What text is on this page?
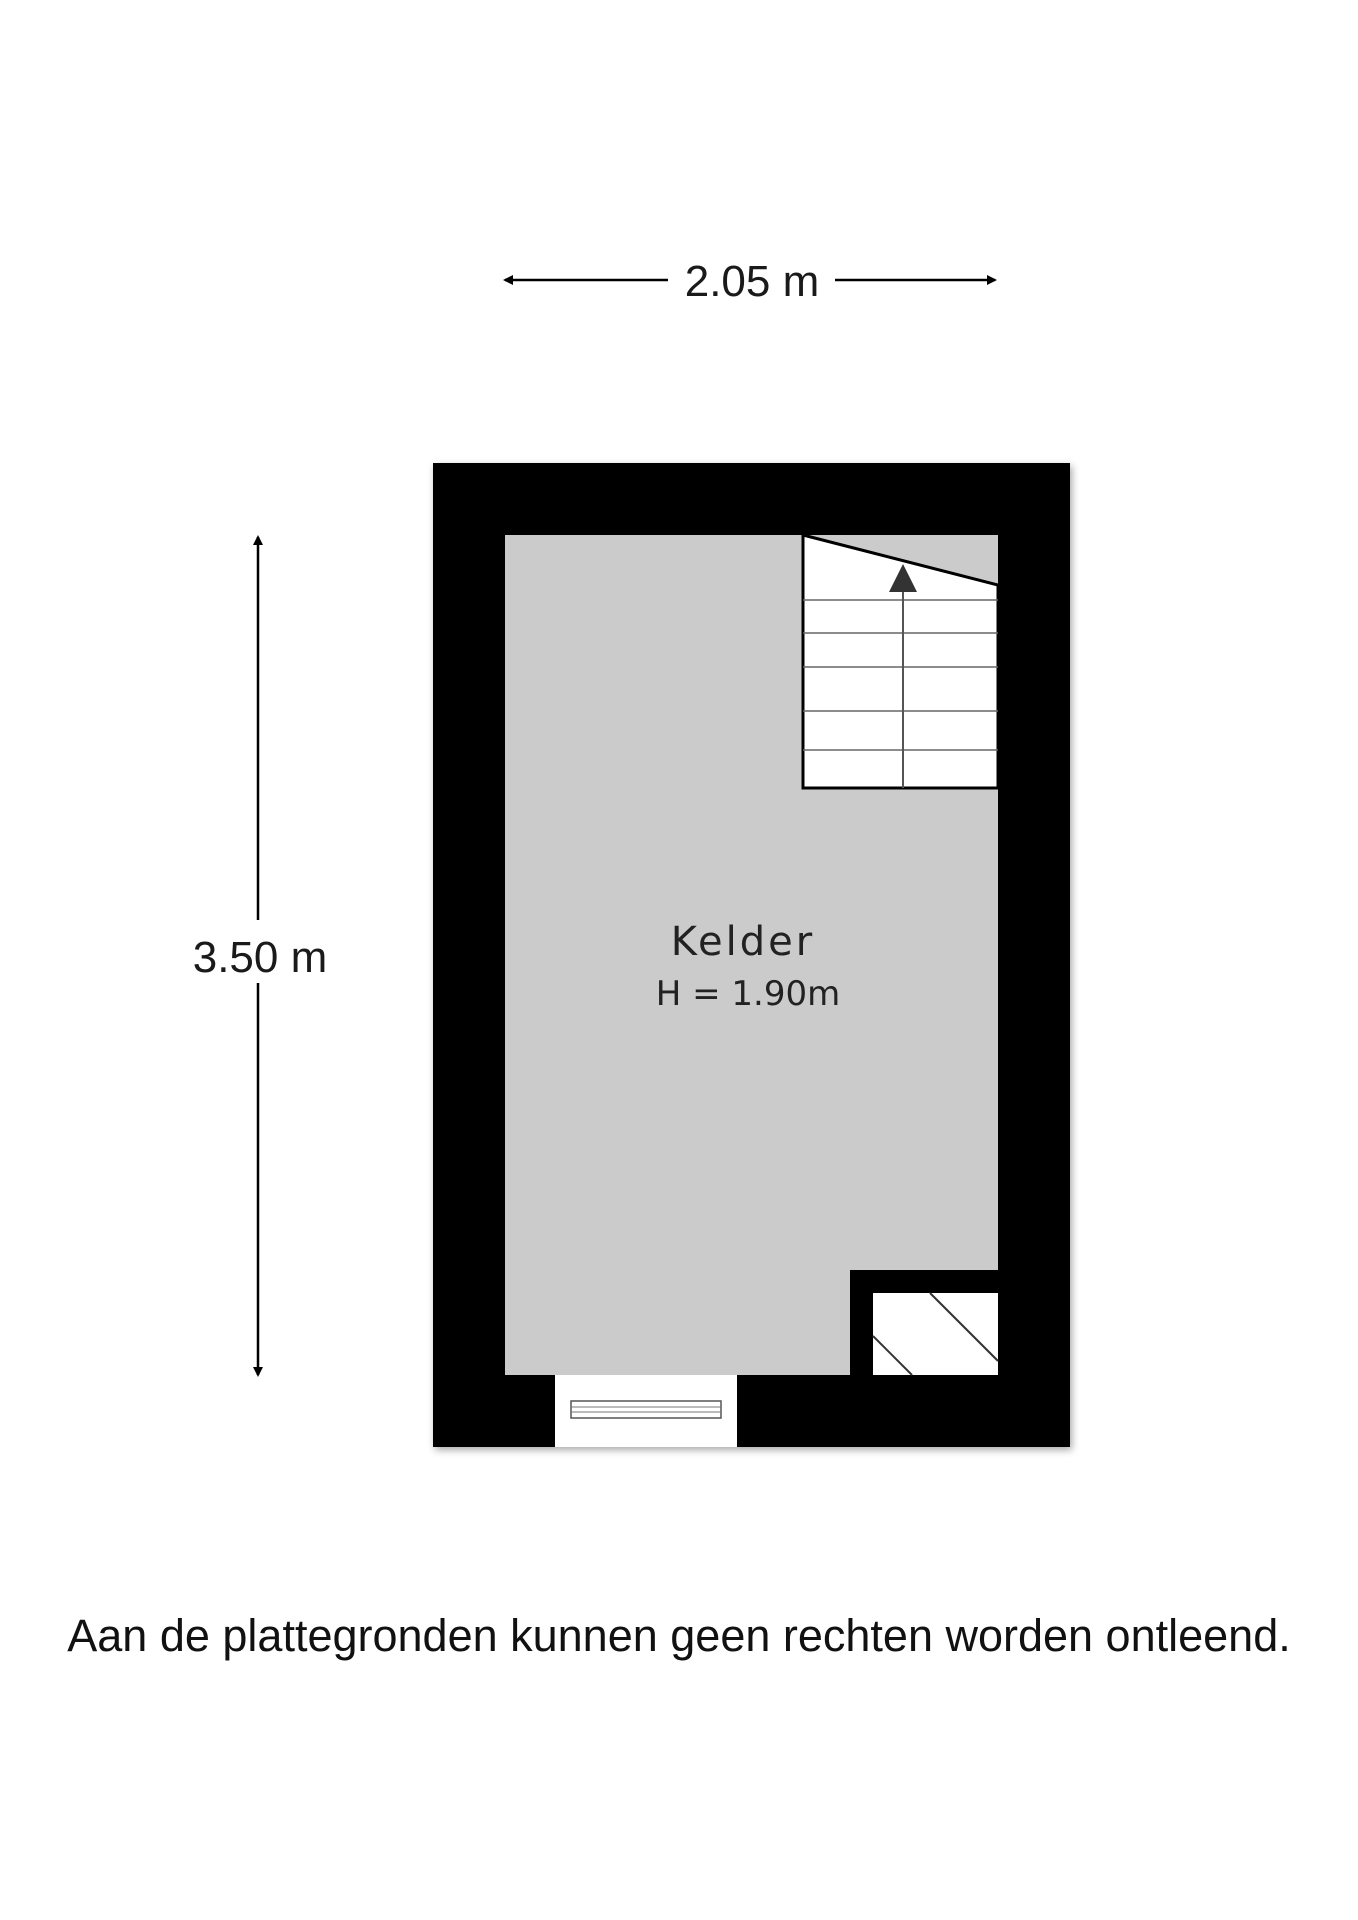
2.05 m
3.50 m	Kelder
H = 1.90m
Aan de plattegronden kunnen geen rechten worden ontleend.
